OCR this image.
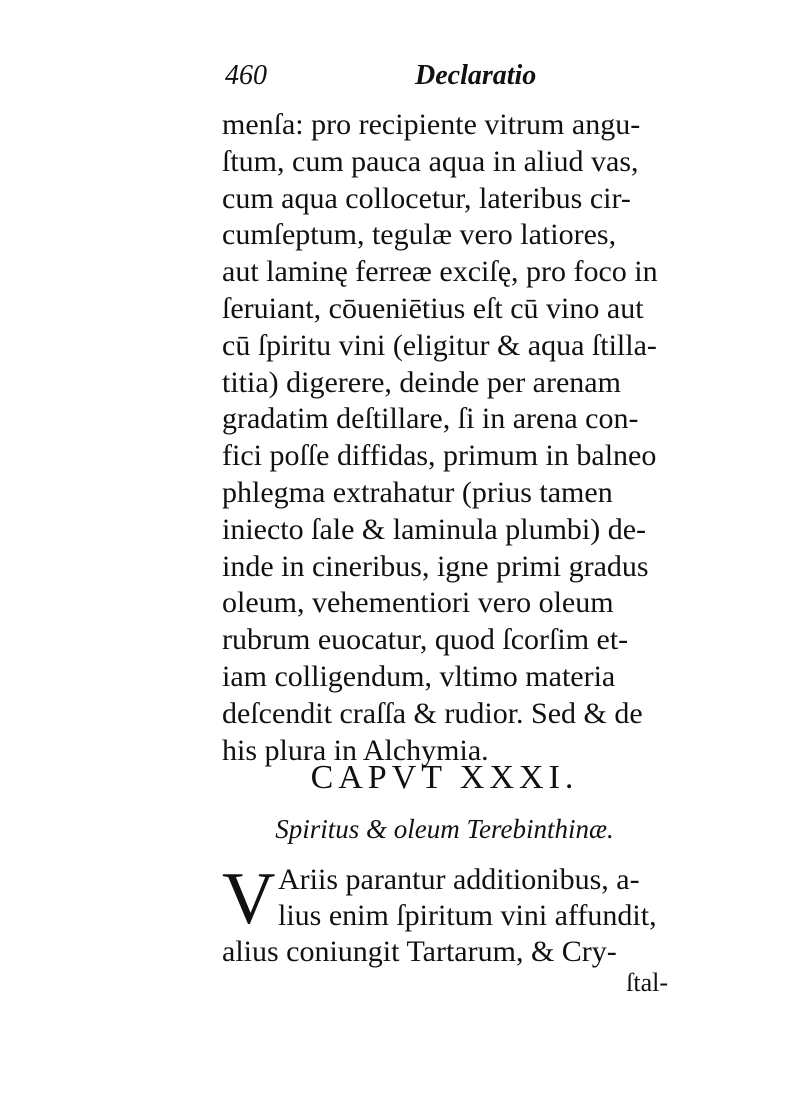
460	Declaratio
menſa: pro recipiente vitrum angu-
ſtum, cum pauca aqua in aliud vas,
cum aqua collocetur, lateribus cir-
cumſeptum, tegulæ vero latiores,
aut laminę ferreæ exciſę, pro foco in
ſeruiant, cōueniētius eſt cū vino aut
cū ſpiritu vini (eligitur & aqua ſtilla-
titia) digerere, deinde per arenam
gradatim deſtillare, ſi in arena con-
fici poſſe diffidas, primum in balneo
phlegma extrahatur (prius tamen
iniecto ſale & laminula plumbi) de-
inde in cineribus, igne primi gradus
oleum, vehementiori vero oleum
rubrum euocatur, quod ſcorſim et-
iam colligendum, vltimo materia
deſcendit craſſa & rudior. Sed & de
his plura in Alchymia.
CAPVT XXXI.
Spiritus & oleum Terebinthinæ.
V Ariis parantur additionibus, a-
lius enim ſpiritum vini affundit,
alius coniungit Tartarum, & Cry-
ſtal-
